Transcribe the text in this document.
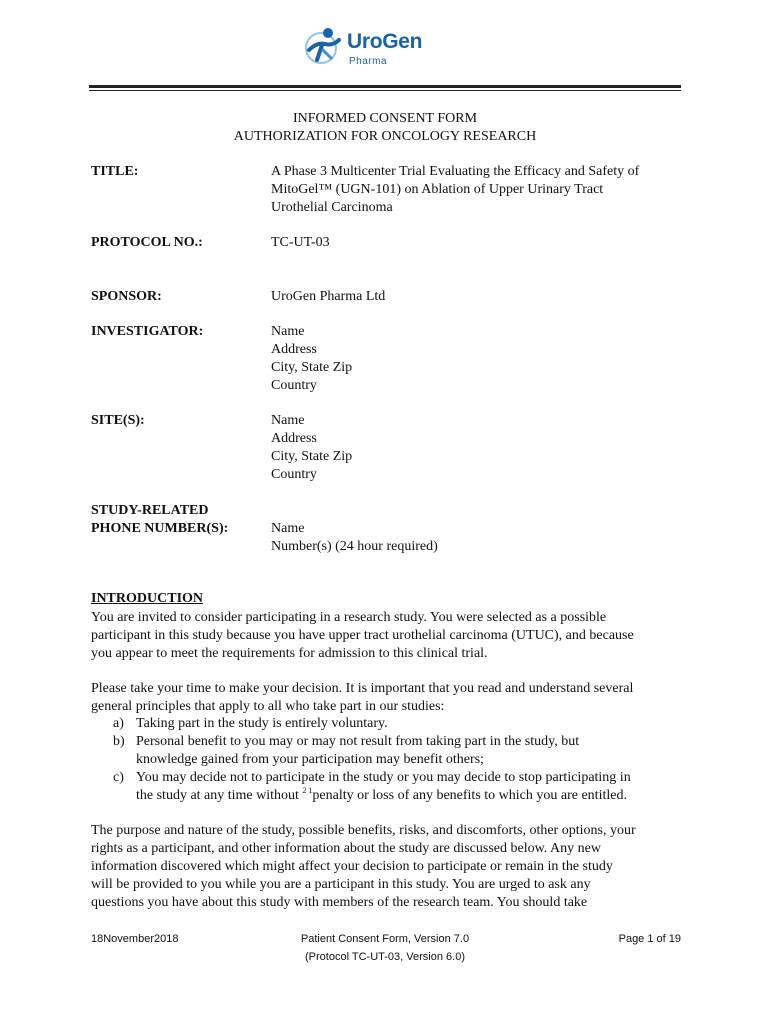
UroGen
Pharma
INFORMED CONSENT FORM
AUTHORIZATION FOR ONCOLOGY RESEARCH
TITLE:	A Phase 3 Multicenter Trial Evaluating the Efficacy and Safety of
MitoGel™ (UGN-101) on Ablation of Upper Urinary Tract
Urothelial Carcinoma
PROTOCOL NO.:	TC-UT-03
SPONSOR:	UroGen Pharma Ltd
INVESTIGATOR:	Name
Address
City, State Zip
Country
SITE(S):	Name
Address
City, State Zip
Country
STUDY-RELATED
PHONE NUMBER(S):	Name
Number(s) (24 hour required)
INTRODUCTION
You are invited to consider participating in a research study. You were selected as a possible
participant in this study because you have upper tract urothelial carcinoma (UTUC), and because
you appear to meet the requirements for admission to this clinical trial.
Please take your time to make your decision. It is important that you read and understand several
general principles that apply to all who take part in our studies:
a) Taking part in the study is entirely voluntary.
b) Personal benefit to you may or may not result from taking part in the study, but
knowledge gained from your participation may benefit others;
c) You may decide not to participate in the study or you may decide to stop participating in
the study at any time without $^{2 1}$penalty or loss of any benefits to which you are entitled.
The purpose and nature of the study, possible benefits, risks, and discomforts, other options, your
rights as a participant, and other information about the study are discussed below. Any new
information discovered which might affect your decision to participate or remain in the study
will be provided to you while you are a participant in this study. You are urged to ask any
questions you have about this study with members of the research team. You should take
18November2018	Patient Consent Form, Version 7.0
(Protocol TC-UT-03, Version 6.0)
Page 1 of 19
